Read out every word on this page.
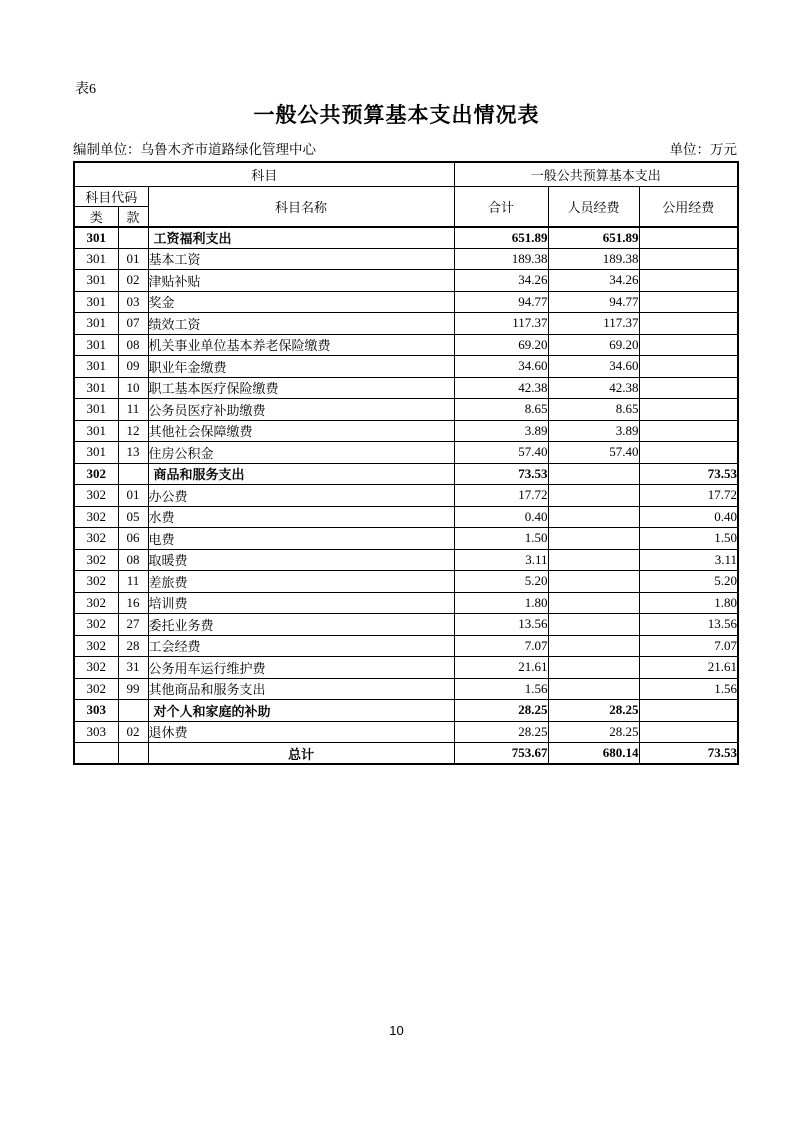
表6
一般公共预算基本支出情况表
编制单位：乌鲁木齐市道路绿化管理中心	单位：万元
科目			一般公共预算基本支出		
科目代码		科目名称	合计	人员经费	公用经费
类	款				
301		工资福利支出	651.89	651.89	
301	01	基本工资	189.38	189.38	
301	02	津贴补贴	34.26	34.26	
301	03	奖金	94.77	94.77	
301	07	绩效工资	117.37	117.37	
301	08	机关事业单位基本养老保险缴费	69.20	69.20	
301	09	职业年金缴费	34.60	34.60	
301	10	职工基本医疗保险缴费	42.38	42.38	
301	11	公务员医疗补助缴费	8.65	8.65	
301	12	其他社会保障缴费	3.89	3.89	
301	13	住房公积金	57.40	57.40	
302		商品和服务支出	73.53		73.53
302	01	办公费	17.72		17.72
302	05	水费	0.40		0.40
302	06	电费	1.50		1.50
302	08	取暖费	3.11		3.11
302	11	差旅费	5.20		5.20
302	16	培训费	1.80		1.80
302	27	委托业务费	13.56		13.56
302	28	工会经费	7.07		7.07
302	31	公务用车运行维护费	21.61		21.61
302	99	其他商品和服务支出	1.56		1.56
303		对个人和家庭的补助	28.25	28.25	
303	02	退休费	28.25	28.25	
		总计	753.67	680.14	73.53
10
